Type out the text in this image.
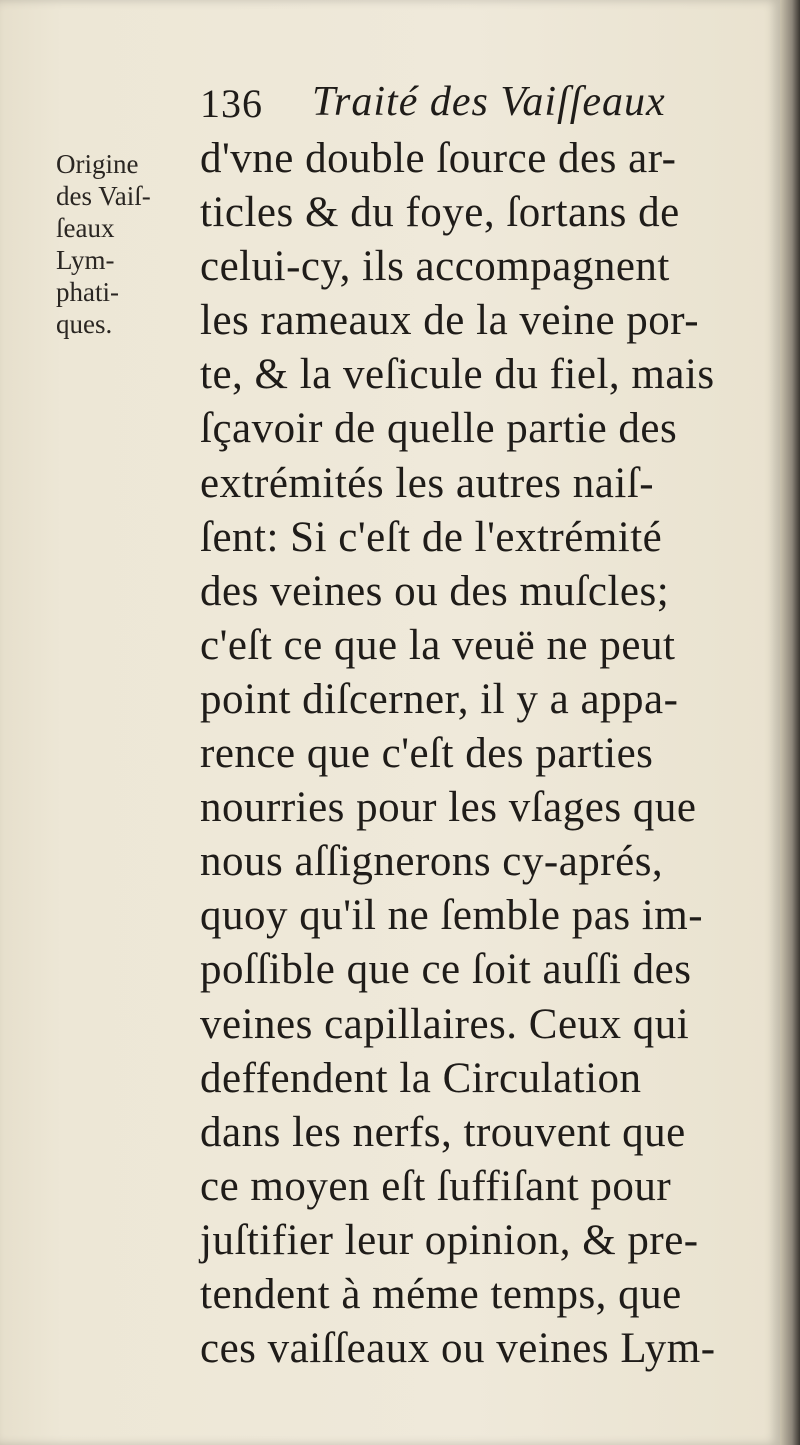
136 Traité des Vaiſſeaux
Origine
des Vaiſ-
ſeaux
Lym-
phati-
ques.
d'vne double ſource des ar-
ticles & du foye, ſortans de
celui-cy, ils accompagnent
les rameaux de la veine por-
te, & la veſicule du fiel, mais
ſçavoir de quelle partie des
extrémités les autres naiſ-
ſent: Si c'eſt de l'extrémité
des veines ou des muſcles;
c'eſt ce que la veuë ne peut
point diſcerner, il y a appa-
rence que c'eſt des parties
nourries pour les vſages que
nous aſſignerons cy-aprés,
quoy qu'il ne ſemble pas im-
poſſible que ce ſoit auſſi des
veines capillaires. Ceux qui
deffendent la Circulation
dans les nerfs, trouvent que
ce moyen eſt ſuffiſant pour
juſtifier leur opinion, & pre-
tendent à méme temps, que
ces vaiſſeaux ou veines Lym-
